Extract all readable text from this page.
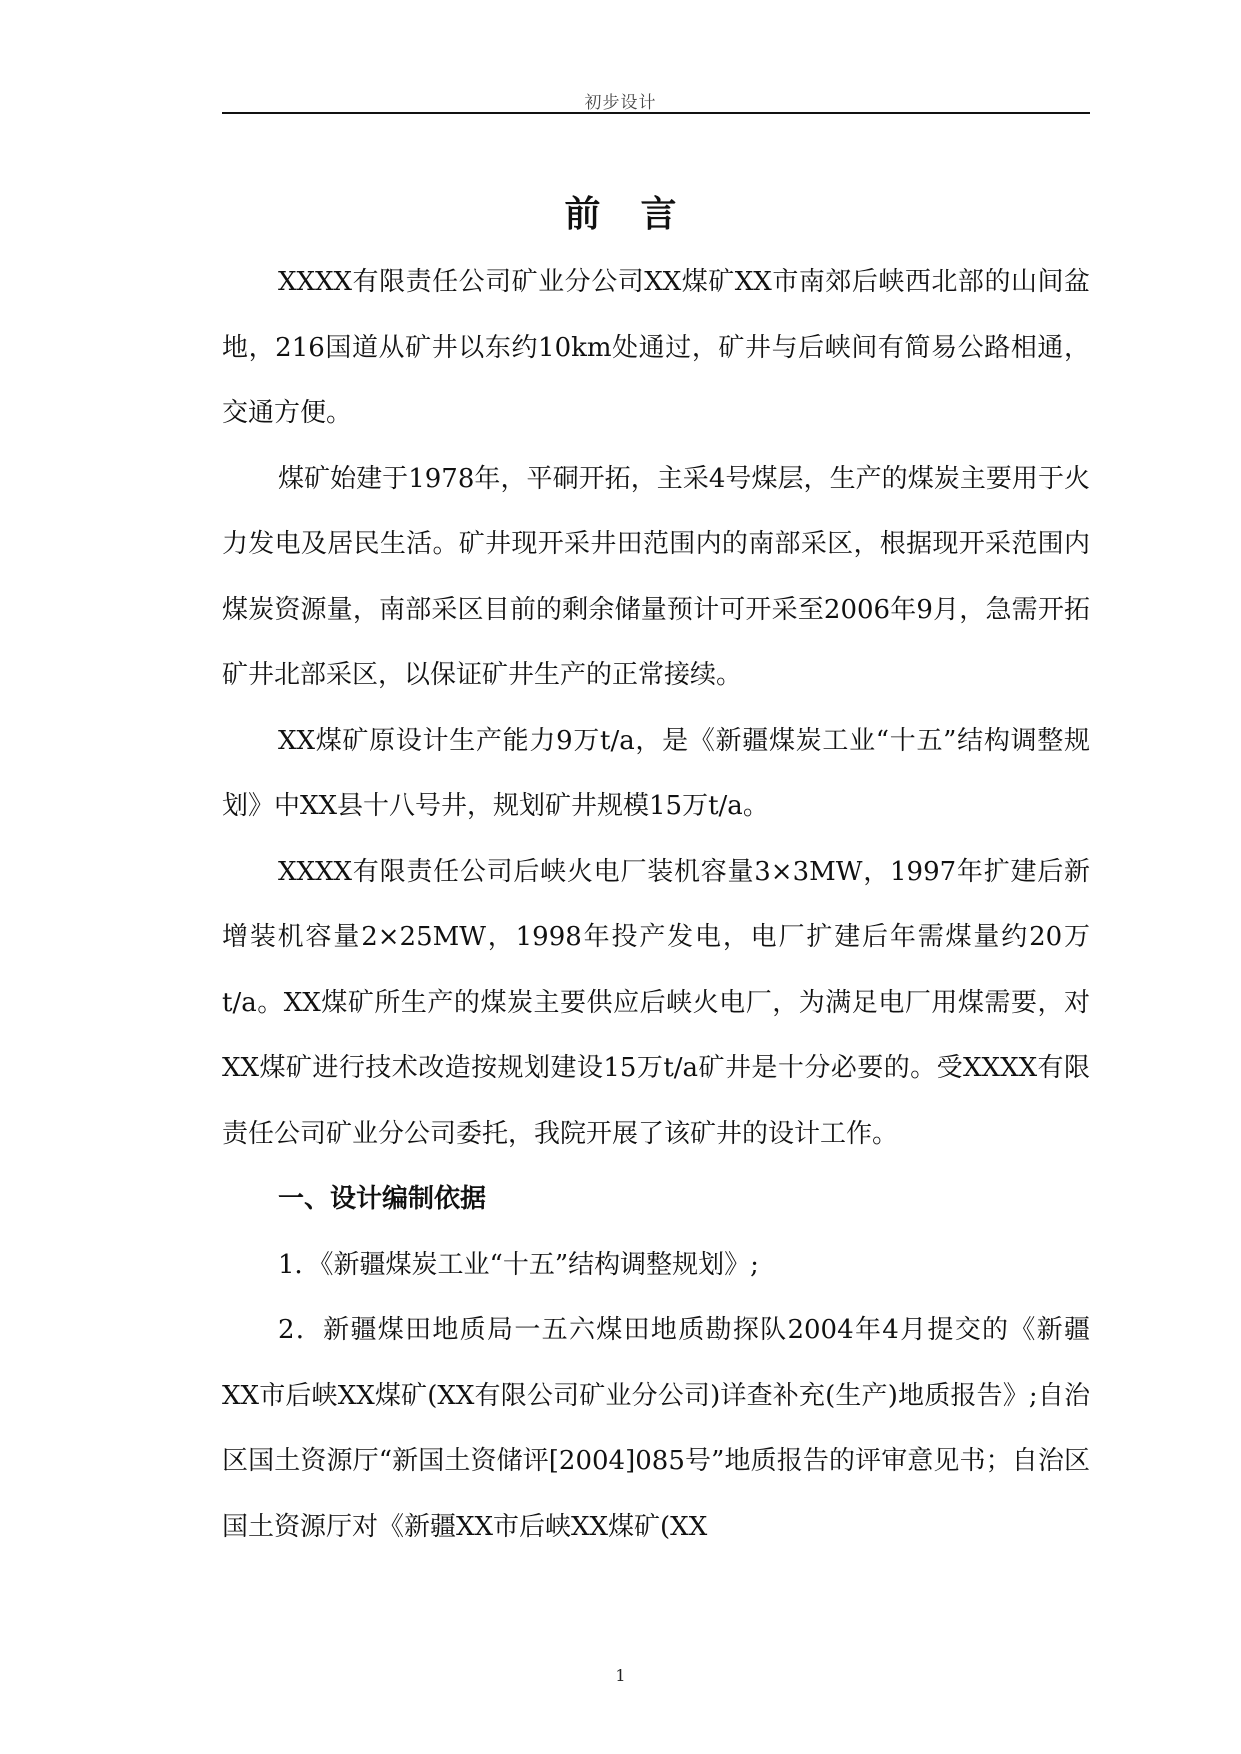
初步设计
前言

XXXX有限责任公司矿业分公司XX煤矿XX市南郊后峡西北部的山间盆地，216国道从矿井以东约10km处通过，矿井与后峡间有简易公路相通，交通方便。

煤矿始建于1978年，平硐开拓，主采4号煤层，生产的煤炭主要用于火力发电及居民生活。矿井现开采井田范围内的南部采区，根据现开采范围内煤炭资源量，南部采区目前的剩余储量预计可开采至2006年9月，急需开拓矿井北部采区，以保证矿井生产的正常接续。

XX煤矿原设计生产能力9万t/a，是《新疆煤炭工业“十五”结构调整规划》中XX县十八号井，规划矿井规模15万t/a。

XXXX有限责任公司后峡火电厂装机容量3×3MW，1997年扩建后新增装机容量2×25MW，1998年投产发电，电厂扩建后年需煤量约20万t/a。XX煤矿所生产的煤炭主要供应后峡火电厂，为满足电厂用煤需要，对XX煤矿进行技术改造按规划建设15万t/a矿井是十分必要的。受XXXX有限责任公司矿业分公司委托，我院开展了该矿井的设计工作。

一、设计编制依据

1．《新疆煤炭工业“十五”结构调整规划》;

2．新疆煤田地质局一五六煤田地质勘探队2004年4月提交的《新疆XX市后峡XX煤矿(XX有限公司矿业分公司)详查补充(生产)地质报告》;自治区国土资源厅“新国土资储评[2004]085号”地质报告的评审意见书；自治区国土资源厅对《新疆XX市后峡XX煤矿(XX

1
